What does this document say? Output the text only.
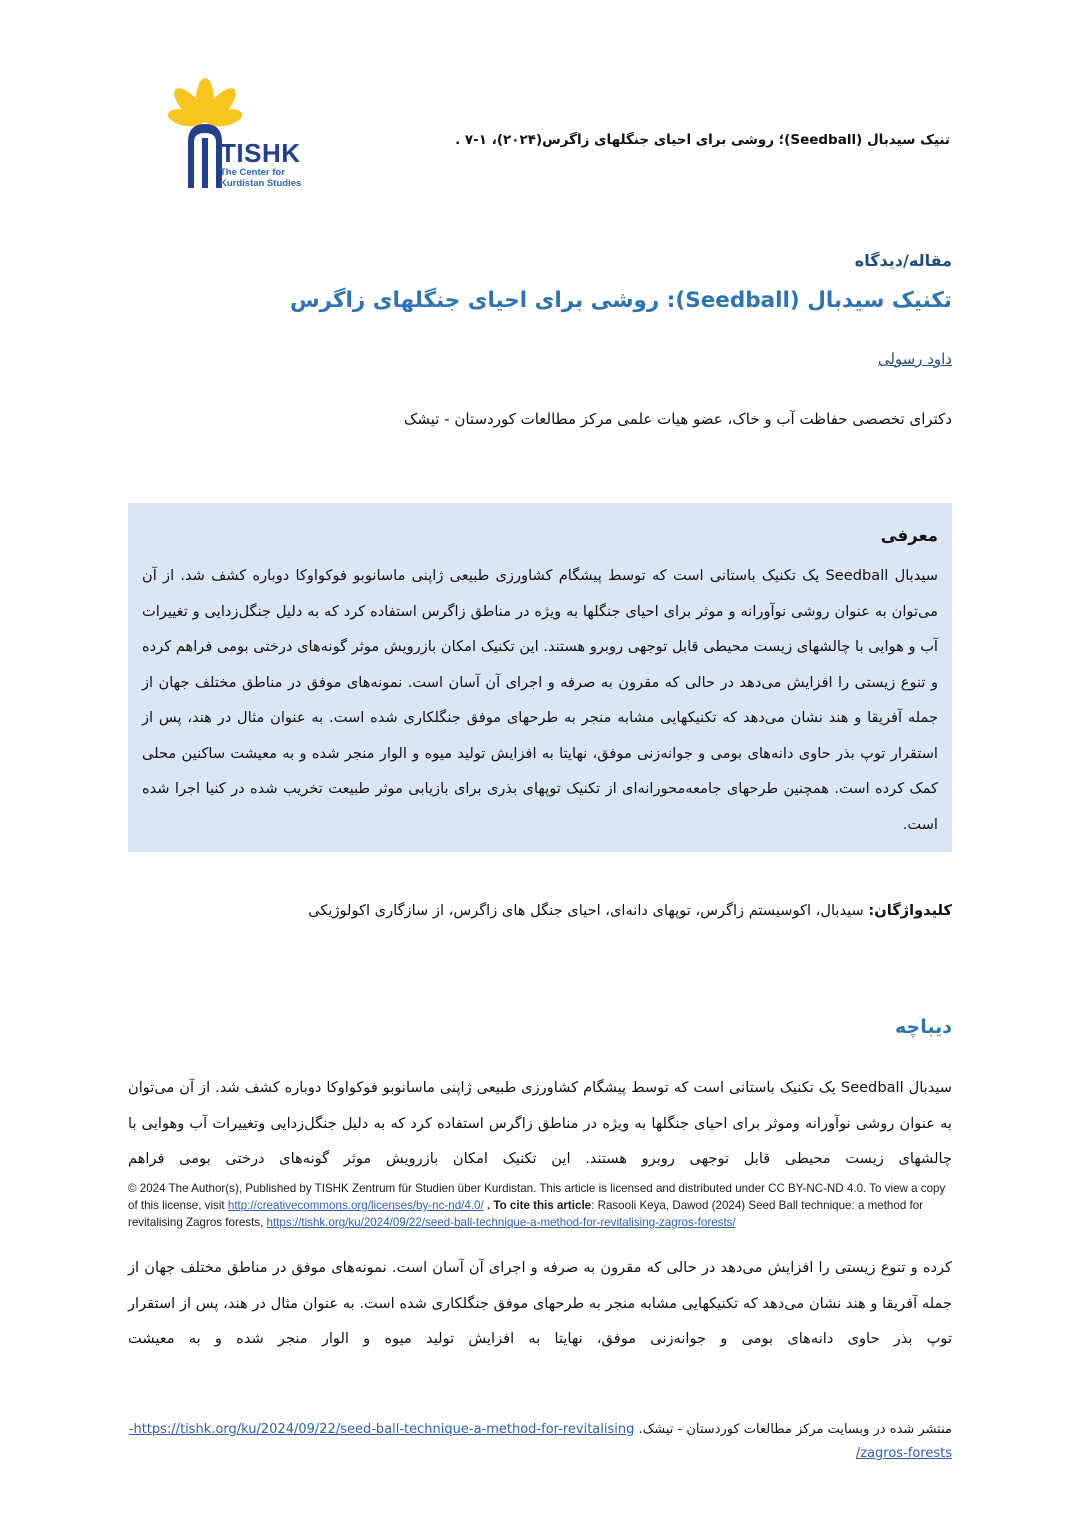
TISHK
The Center for
Kurdistan Studies
تنیک سیدبال (Seedball)؛ روشی برای احیای جنگلهای زاگرس(۲۰۲۴)، ۱-۷ .
مقاله/دیدگاه
تکنیک سیدبال (Seedball): روشی برای احیای جنگلهای زاگرس
داود رسولی
دکترای تخصصی حفاظت آب و خاک، عضو هیات علمی مرکز مطالعات کوردستان - تیشک
معرفی
سیدبال Seedball یک تکنیک باستانی است که توسط پیشگام کشاورزی طبیعی ژاپنی ماسانوبو فوکواوکا دوباره کشف شد. از آن می‌توان به عنوان روشی نوآورانه و موثر برای احیای جنگلها به ویژه در مناطق زاگرس استفاده کرد که به دلیل جنگل‌زدایی و تغییرات آب و هوایی با چالشهای زیست محیطی قابل توجهی روبرو هستند. این تکنیک امکان بازرویش موثر گونه‌های درختی بومی فراهم کرده و تنوع زیستی را افزایش می‌دهد در حالی که مقرون به صرفه و اجرای آن آسان است. نمونه‌های موفق در مناطق مختلف جهان از جمله آفریقا و هند نشان می‌دهد که تکنیکهایی مشابه منجر به طرحهای موفق جنگلکاری شده است. به عنوان مثال در هند، پس از استقرار توپ بذر حاوی دانه‌های بومی و جوانه‌زنی موفق، نهایتا به افزایش تولید میوه و الوار منجر شده و به معیشت ساکنین محلی کمک کرده است. همچنین طرحهای جامعه‌محورانه‌ای از تکنیک توپهای بذری برای بازیابی موثر طبیعت تخریب شده در کنیا اجرا شده است.
کلیدواژگان: سیدبال، اکوسیستم زاگرس، توپهای دانه‌ای، احیای جنگل های زاگرس، از سازگاری اکولوژیکی
دیباچه
سیدبال Seedball یک تکنیک باستانی است که توسط پیشگام کشاورزی طبیعی ژاپنی ماسانوبو فوکواوکا دوباره کشف شد. از آن می‌توان به عنوان روشی نوآورانه وموثر برای احیای جنگلها به ویژه در مناطق زاگرس استفاده کرد که به دلیل جنگل‌زدایی وتغییرات آب وهوایی با چالشهای زیست محیطی قابل توجهی روبرو هستند. این تکنیک امکان بازرویش موثر گونه‌های درختی بومی فراهم
© 2024 The Author(s), Published by TISHK Zentrum für Studien über Kurdistan. This article is licensed and distributed under CC BY-NC-ND 4.0. To view a copy of this license, visit http://creativecommons.org/licenses/by-nc-nd/4.0/ . To cite this article: Rasooli Keya, Dawod (2024) Seed Ball technique: a method for revitalising Zagros forests, https://tishk.org/ku/2024/09/22/seed-ball-technique-a-method-for-revitalising-zagros-forests/
کرده و تنوع زیستی را افزایش می‌دهد در حالی که مقرون به صرفه و اجرای آن آسان است. نمونه‌های موفق در مناطق مختلف جهان از جمله آفریقا و هند نشان می‌دهد که تکنیکهایی مشابه منجر به طرحهای موفق جنگلکاری شده است. به عنوان مثال در هند، پس از استقرار توپ بذر حاوی دانه‌های بومی و جوانه‌زنی موفق، نهایتا به افزایش تولید میوه و الوار منجر شده و به معیشت
منتشر شده در وبسایت مرکز مطالعات کوردستان - تیشک. https://tishk.org/ku/2024/09/22/seed-ball-technique-a-method-for-revitalising-
zagros-forests/
